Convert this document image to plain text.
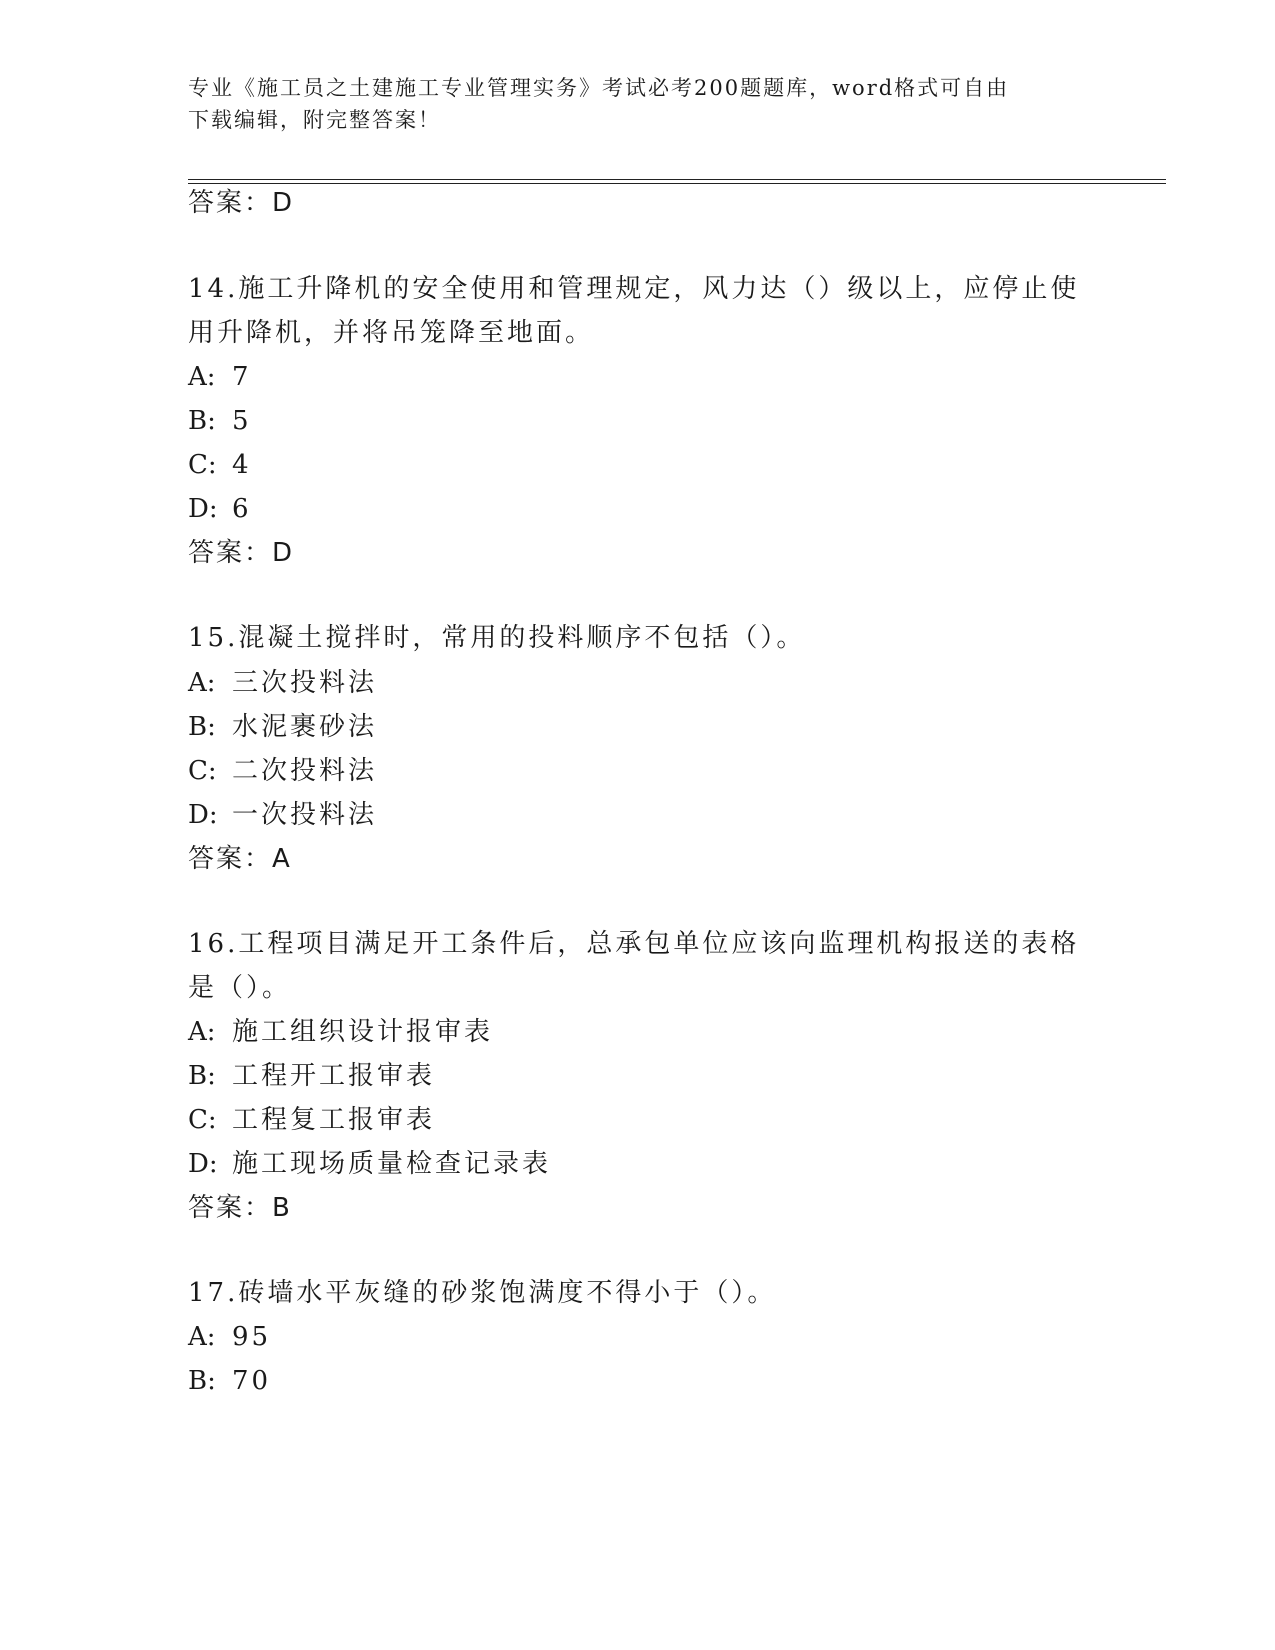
专业《施工员之土建施工专业管理实务》考试必考200题题库，word格式可自由
下载编辑，附完整答案！
答案：D
14.施工升降机的安全使用和管理规定，风力达（）级以上，应停止使
用升降机，并将吊笼降至地面。
A: 7
B: 5
C: 4
D: 6
答案：D
15.混凝土搅拌时，常用的投料顺序不包括（）。
A: 三次投料法
B: 水泥裹砂法
C: 二次投料法
D: 一次投料法
答案：A
16.工程项目满足开工条件后，总承包单位应该向监理机构报送的表格
是（）。
A: 施工组织设计报审表
B: 工程开工报审表
C: 工程复工报审表
D: 施工现场质量检查记录表
答案：B
17.砖墙水平灰缝的砂浆饱满度不得小于（）。
A: 95
B: 70
